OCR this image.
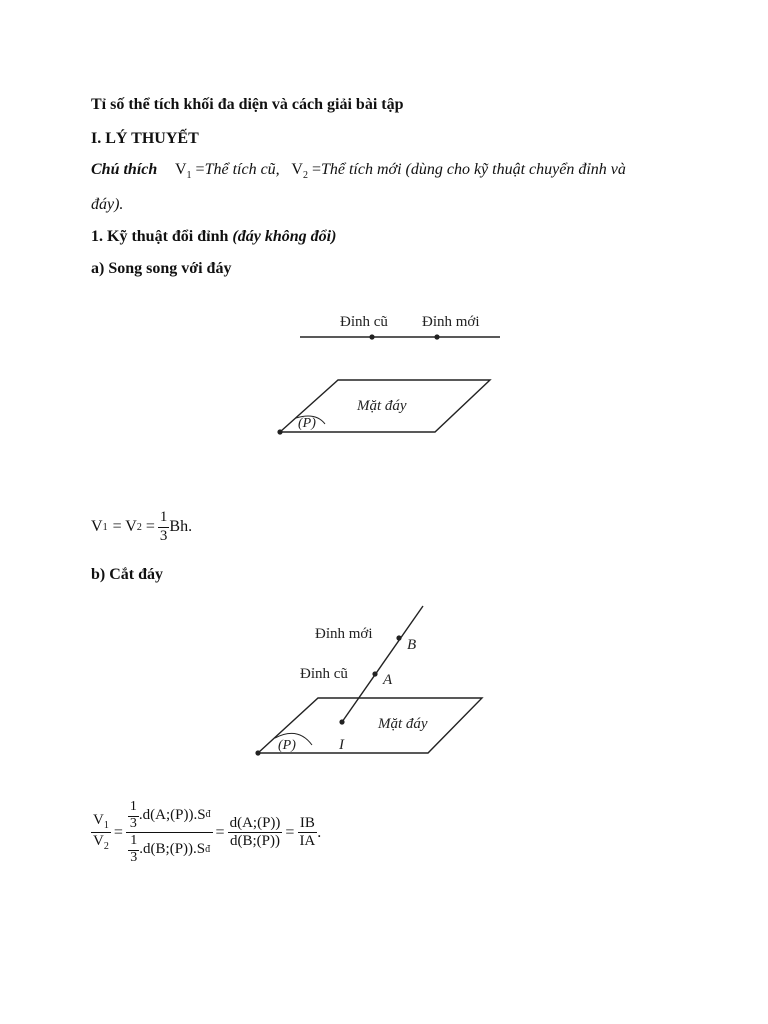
Tỉ số thể tích khối đa diện và cách giải bài tập
I. LÝ THUYẾT
Chú thích $V_1$ =Thể tích cũ, $V_2$ =Thể tích mới (dùng cho kỹ thuật chuyển đỉnh và
đáy).
1. Kỹ thuật đổi đỉnh (đáy không đổi)
a) Song song với đáy
Đỉnh cũ Đỉnh mới
Mặt đáy
(P)
V 1 = V $2 = \frac{1}{3} Bh$.
b) Cắt đáy
Đỉnh mới
B
Đỉnh cũ A
Mặt đáy
(P)	I
$\frac{V_1}{V_2} = \frac{\frac{1}{3} .d(A;(P)).S đ}{\frac{1}{3} .d(B;(P)).S đ} = \frac{d(A;(P))}{d(B;(P))} = \frac{IB}{IA}$ .
